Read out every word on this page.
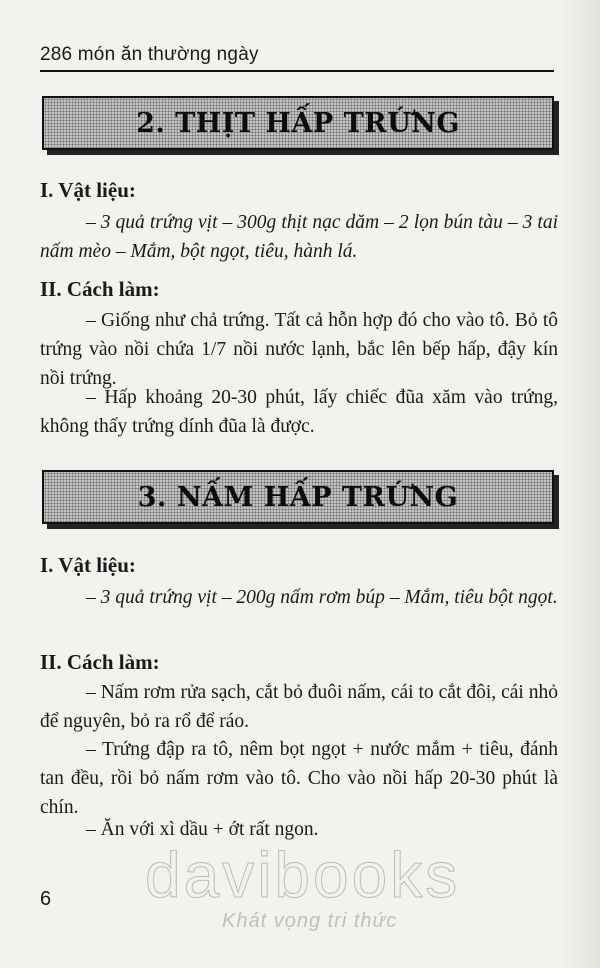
286 món ăn thường ngày
2. THỊT HẤP TRỨNG
I. Vật liệu:

– 3 quả trứng vịt – 300g thịt nạc dăm – 2 lọn bún tàu – 3 tai nấm mèo – Mắm, bột ngọt, tiêu, hành lá.

II. Cách làm:

– Giống như chả trứng. Tất cả hỗn hợp đó cho vào tô. Bỏ tô trứng vào nồi chứa 1/7 nồi nước lạnh, bắc lên bếp hấp, đậy kín nồi trứng.

– Hấp khoảng 20-30 phút, lấy chiếc đũa xăm vào trứng, không thấy trứng dính đũa là được.

3. NẤM HẤP TRỨNG
I. Vật liệu:

– 3 quả trứng vịt – 200g nấm rơm búp – Mắm, tiêu bột ngọt.

II. Cách làm:

– Nấm rơm rửa sạch, cắt bỏ đuôi nấm, cái to cắt đôi, cái nhỏ để nguyên, bỏ ra rổ để ráo.

– Trứng đập ra tô, nêm bọt ngọt + nước mắm + tiêu, đánh tan đều, rồi bỏ nấm rơm vào tô. Cho vào nồi hấp 20-30 phút là chín.

– Ăn với xì dầu + ớt rất ngon.

6 davibooks
Khát vọng tri thức
